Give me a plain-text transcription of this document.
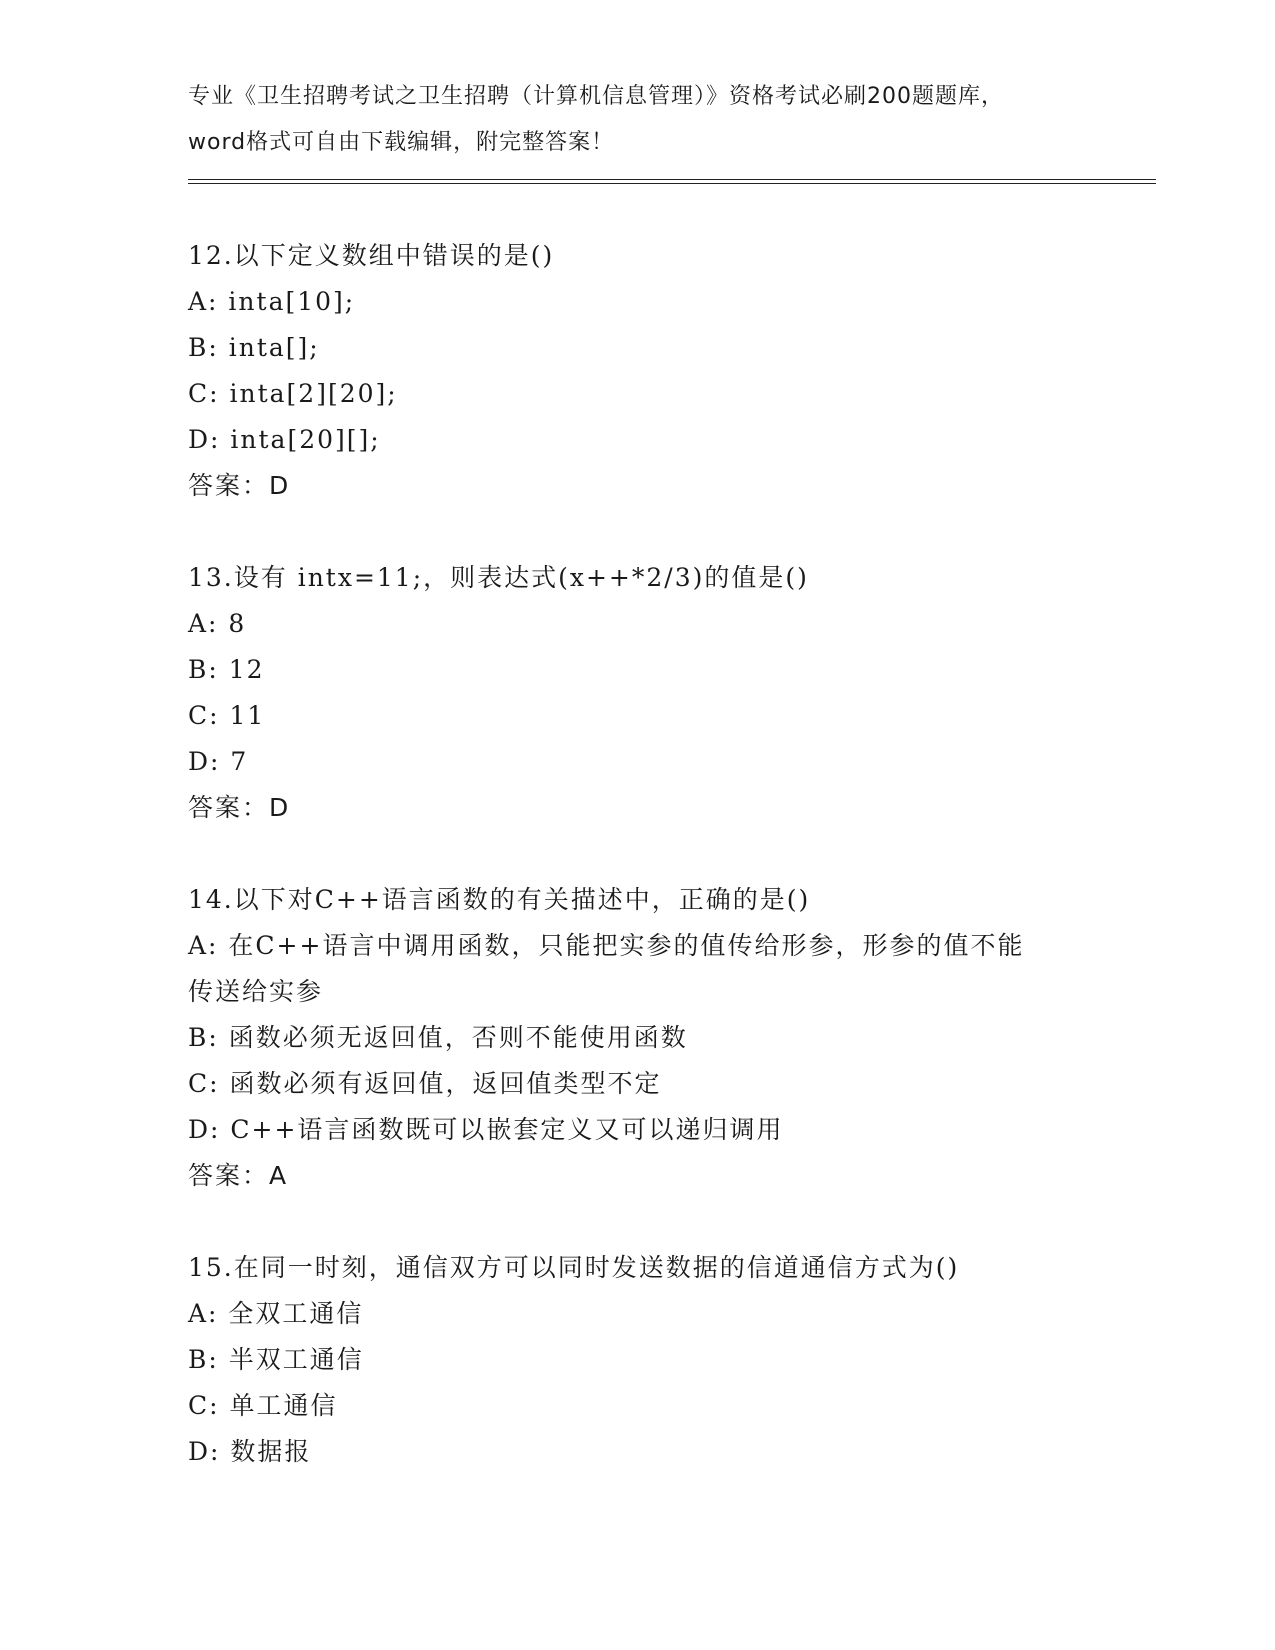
专业《卫生招聘考试之卫生招聘（计算机信息管理）》资格考试必刷200题题库，
word格式可自由下载编辑，附完整答案！
12.以下定义数组中错误的是()
A: inta[10];
B: inta[];
C: inta[2][20];
D: inta[20][];
答案：D
13.设有 intx=11;，则表达式(x++*2/3)的值是()
A: 8
B: 12
C: 11
D: 7
答案：D
14.以下对C++语言函数的有关描述中，正确的是()
A: 在C++语言中调用函数，只能把实参的值传给形参，形参的值不能
传送给实参
B: 函数必须无返回值，否则不能使用函数
C: 函数必须有返回值，返回值类型不定
D: C++语言函数既可以嵌套定义又可以递归调用
答案：A
15.在同一时刻，通信双方可以同时发送数据的信道通信方式为()
A: 全双工通信
B: 半双工通信
C: 单工通信
D: 数据报
